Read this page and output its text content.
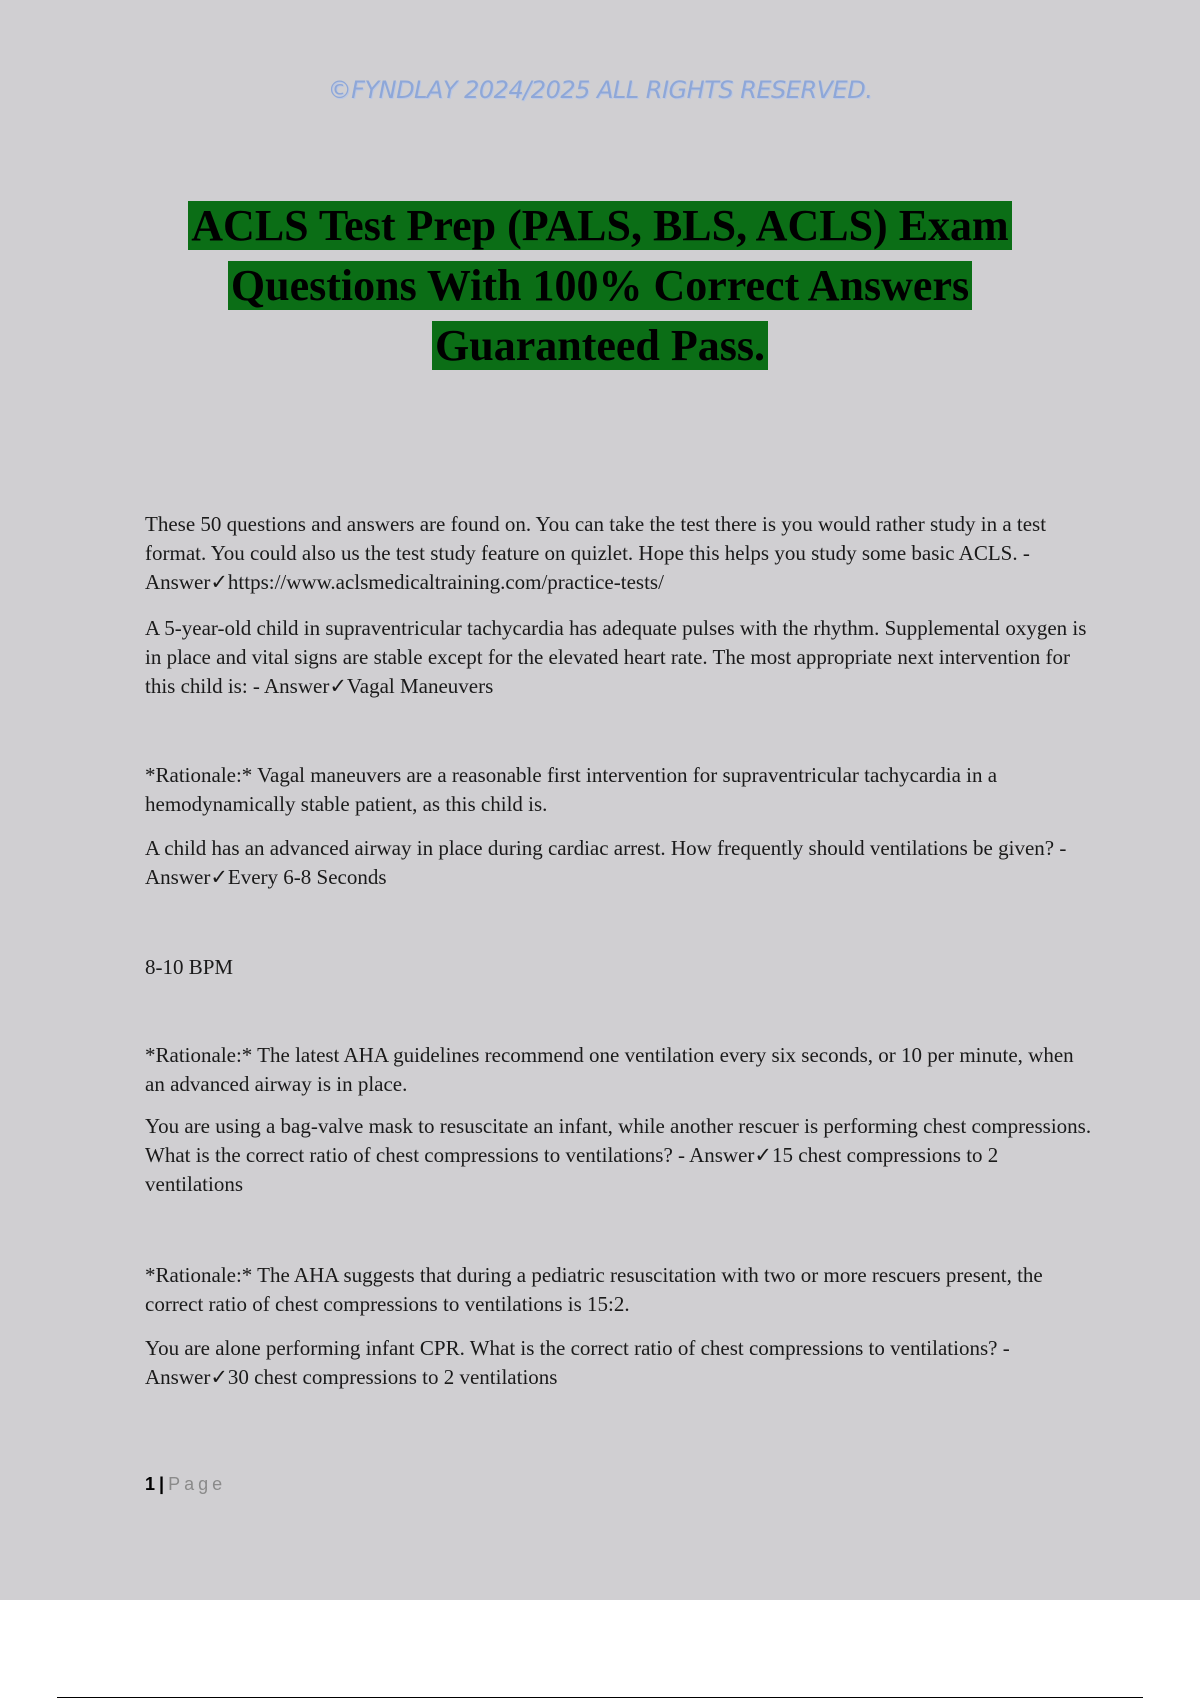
©FYNDLAY 2024/2025 ALL RIGHTS RESERVED.
ACLS Test Prep (PALS, BLS, ACLS) Exam
Questions With 100% Correct Answers
Guaranteed Pass.
These 50 questions and answers are found on. You can take the test there is you would rather study in a test format. You could also us the test study feature on quizlet. Hope this helps you study some basic ACLS. - Answer✓https://www.aclsmedicaltraining.com/practice-tests/
A 5-year-old child in supraventricular tachycardia has adequate pulses with the rhythm. Supplemental oxygen is in place and vital signs are stable except for the elevated heart rate. The most appropriate next intervention for this child is: - Answer✓Vagal Maneuvers
*Rationale:* Vagal maneuvers are a reasonable first intervention for supraventricular tachycardia in a hemodynamically stable patient, as this child is.
A child has an advanced airway in place during cardiac arrest. How frequently should ventilations be given? - Answer✓Every 6-8 Seconds
8-10 BPM
*Rationale:* The latest AHA guidelines recommend one ventilation every six seconds, or 10 per minute, when an advanced airway is in place.
You are using a bag-valve mask to resuscitate an infant, while another rescuer is performing chest compressions. What is the correct ratio of chest compressions to ventilations? - Answer✓15 chest compressions to 2 ventilations
*Rationale:* The AHA suggests that during a pediatric resuscitation with two or more rescuers present, the correct ratio of chest compressions to ventilations is 15:2.
You are alone performing infant CPR. What is the correct ratio of chest compressions to ventilations? - Answer✓30 chest compressions to 2 ventilations
1 | Page
